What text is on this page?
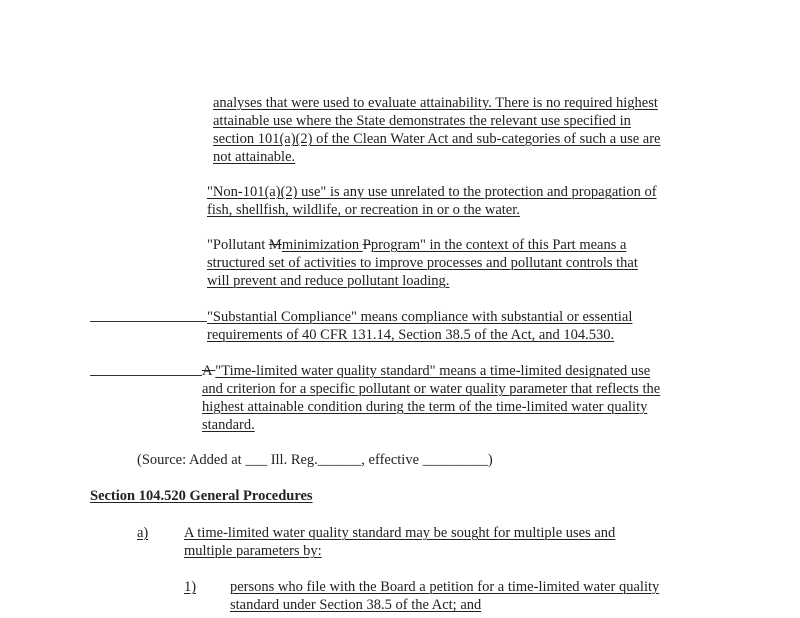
analyses that were used to evaluate attainability. There is no required highest
attainable use where the State demonstrates the relevant use specified in
section 101(a)(2) of the Clean Water Act and sub-categories of such a use are
not attainable.
"Non-101(a)(2) use" is any use unrelated to the protection and propagation of
fish, shellfish, wildlife, or recreation in or o the water.
"Pollutant Mminimization Pprogram" in the context of this Part means a
structured set of activities to improve processes and pollutant controls that
will prevent and reduce pollutant loading.
"Substantial Compliance" means compliance with substantial or essential
requirements of 40 CFR 131.14, Section 38.5 of the Act, and 104.530.
A "Time-limited water quality standard" means a time-limited designated use
and criterion for a specific pollutant or water quality parameter that reflects the
highest attainable condition during the term of the time-limited water quality
standard.
(Source: Added at ___ Ill. Reg.______, effective _________)
Section 104.520 General Procedures
a) A time-limited water quality standard may be sought for multiple uses and
multiple parameters by:
1) persons who file with the Board a petition for a time-limited water quality
standard under Section 38.5 of the Act; and
